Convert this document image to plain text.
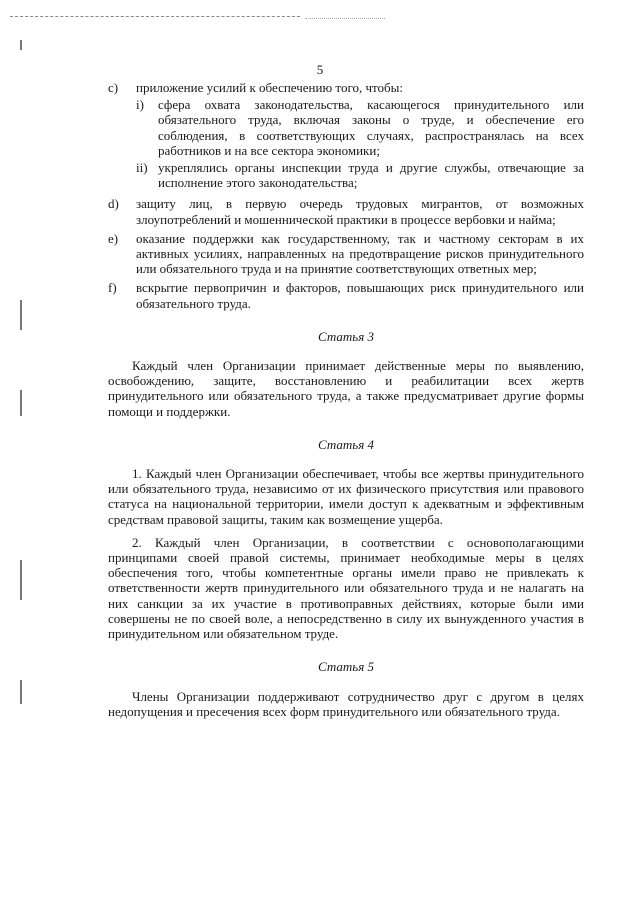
5
c)	приложение усилий к обеспечению того, чтобы:
i)	сфера охвата законодательства, касающегося принудительного или обязательного труда, включая законы о труде, и обеспечение его соблюдения, в соответствующих случаях, распространялась на всех работников и на все сектора экономики;
ii) укреплялись органы инспекции труда и другие службы, отвечающие за исполнение этого законодательства;
d)	защиту лиц, в первую очередь трудовых мигрантов, от возможных злоупотреблений и мошеннической практики в процессе вербовки и найма;
e)	оказание поддержки как государственному, так и частному секторам в их активных усилиях, направленных на предотвращение рисков принудительного или обязательного труда и на принятие соответствующих ответных мер;
f)	вскрытие первопричин и факторов, повышающих риск принудительного или обязательного труда.
Статья 3

Каждый член Организации принимает действенные меры по выявлению, освобождению, защите, восстановлению и реабилитации всех жертв принудительного или обязательного труда, а также предусматривает другие формы помощи и поддержки.

Статья 4

1. Каждый член Организации обеспечивает, чтобы все жертвы принудительного или обязательного труда, независимо от их физического присутствия или правового статуса на национальной территории, имели доступ к адекватным и эффективным средствам правовой защиты, таким как возмещение ущерба.

2. Каждый член Организации, в соответствии с основополагающими принципами своей правой системы, принимает необходимые меры в целях обеспечения того, чтобы компетентные органы имели право не привлекать к ответственности жертв принудительного или обязательного труда и не налагать на них санкции за их участие в противоправных действиях, которые были ими совершены не по своей воле, а непосредственно в силу их вынужденного участия в принудительном или обязательном труде.

Статья 5

Члены Организации поддерживают сотрудничество друг с другом в целях недопущения и пресечения всех форм принудительного или обязательного труда.
